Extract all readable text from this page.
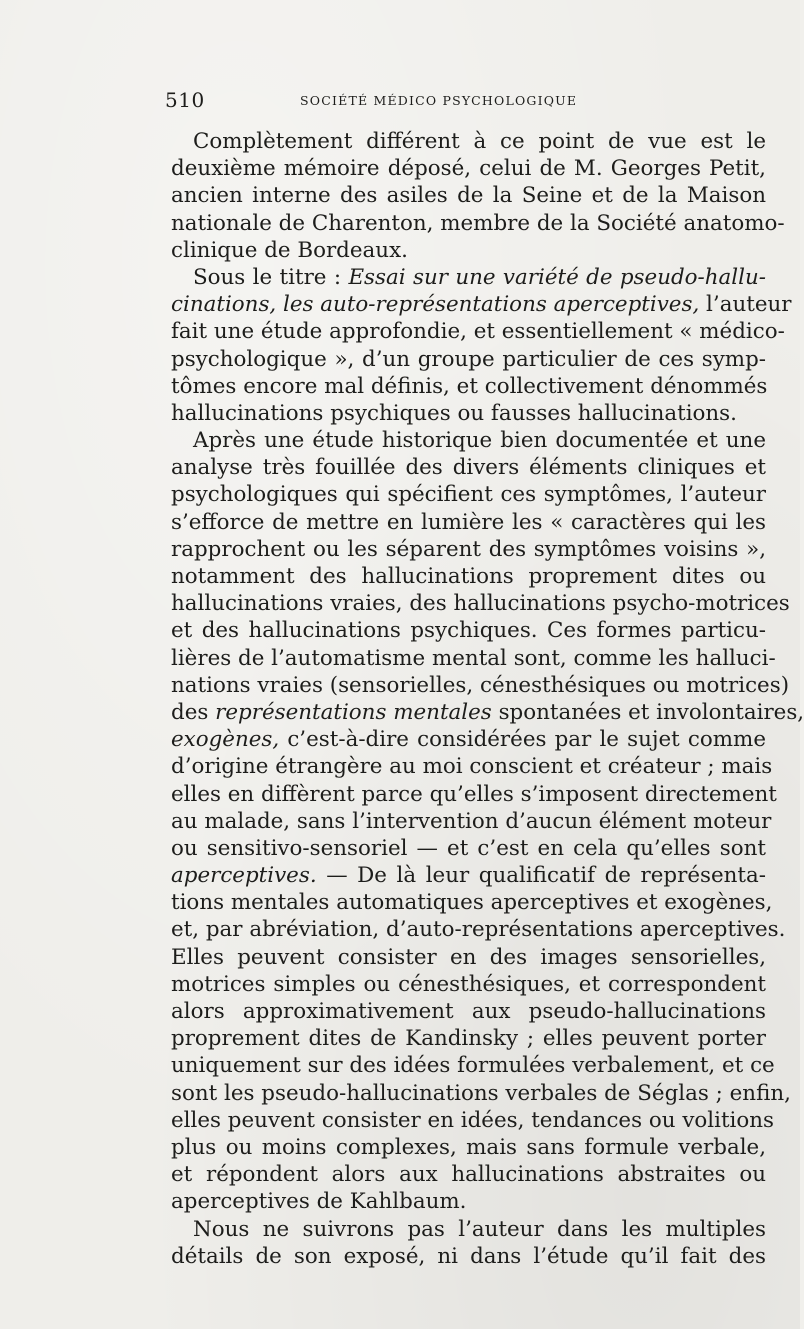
510	SOCIÉTÉ MÉDICO PSYCHOLOGIQUE
Complètement différent à ce point de vue est le
deuxième mémoire déposé, celui de M. Georges Petit,
ancien interne des asiles de la Seine et de la Maison
nationale de Charenton, membre de la Société anatomo-
clinique de Bordeaux.
Sous le titre : Essai sur une variété de pseudo-hallu-
cinations, les auto-représentations aperceptives, l’auteur
fait une étude approfondie, et essentiellement « médico-
psychologique », d’un groupe particulier de ces symp-
tômes encore mal définis, et collectivement dénommés
hallucinations psychiques ou fausses hallucinations.
Après une étude historique bien documentée et une
analyse très fouillée des divers éléments cliniques et
psychologiques qui spécifient ces symptômes, l’auteur
s’efforce de mettre en lumière les « caractères qui les
rapprochent ou les séparent des symptômes voisins »,
notamment des hallucinations proprement dites ou
hallucinations vraies, des hallucinations psycho-motrices
et des hallucinations psychiques. Ces formes particu-
lières de l’automatisme mental sont, comme les halluci-
nations vraies (sensorielles, cénesthésiques ou motrices)
des représentations mentales spontanées et involontaires,
exogènes, c’est-à-dire considérées par le sujet comme
d’origine étrangère au moi conscient et créateur ; mais
elles en diffèrent parce qu’elles s’imposent directement
au malade, sans l’intervention d’aucun élément moteur
ou sensitivo-sensoriel — et c’est en cela qu’elles sont
aperceptives. — De là leur qualificatif de représenta-
tions mentales automatiques aperceptives et exogènes,
et, par abréviation, d’auto-représentations aperceptives.
Elles peuvent consister en des images sensorielles,
motrices simples ou cénesthésiques, et correspondent
alors approximativement aux pseudo-hallucinations
proprement dites de Kandinsky ; elles peuvent porter
uniquement sur des idées formulées verbalement, et ce
sont les pseudo-hallucinations verbales de Séglas ; enfin,
elles peuvent consister en idées, tendances ou volitions
plus ou moins complexes, mais sans formule verbale,
et répondent alors aux hallucinations abstraites ou
aperceptives de Kahlbaum.
Nous ne suivrons pas l’auteur dans les multiples
détails de son exposé, ni dans l’étude qu’il fait des
